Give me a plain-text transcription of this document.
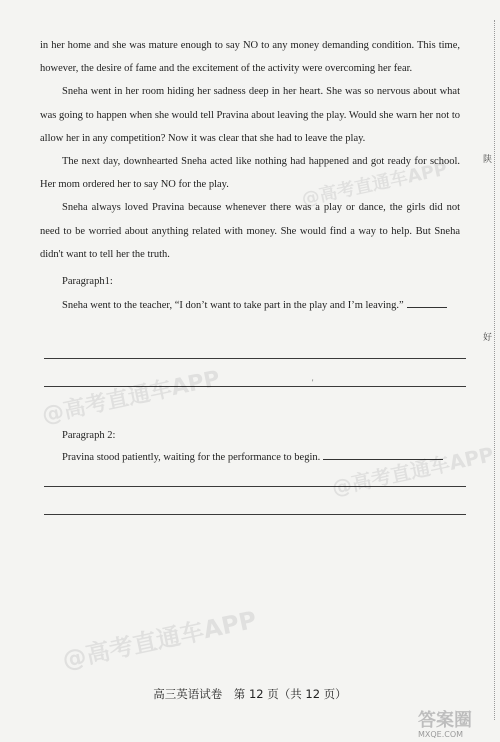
in her home and she was mature enough to say NO to any money demanding condition. This time, however, the desire of fame and the excitement of the activity were overcoming her fear.

Sneha went in her room hiding her sadness deep in her heart. She was so nervous about what was going to happen when she would tell Pravina about leaving the play. Would she warn her not to allow her in any competition? Now it was clear that she had to leave the play.

The next day, downhearted Sneha acted like nothing had happened and got ready for school. Her mom ordered her to say NO for the play.

Sneha always loved Pravina because whenever there was a play or dance, the girls did not need to be worried about anything related with money. She would find a way to help. But Sneha didn't want to tell her the truth.

Paragraph1:
Sneha went to the teacher, “I don’t want to take part in the play and I’m leaving.”
'
Paragraph 2:
Pravina stood patiently, waiting for the performance to begin.
@高考直通车APP
@高考直通车APP
@高考直通车APP
@高考直通车APP
陕
好
高三英语试卷　第 12 页（共 12 页）
答案圈
MXQE.COM
